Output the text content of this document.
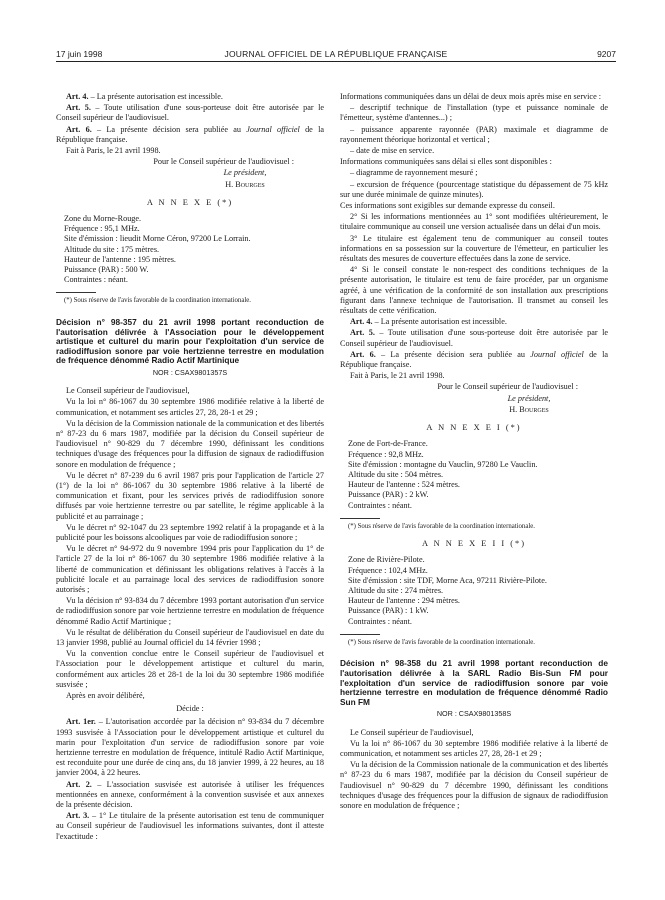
17 juin 1998	JOURNAL OFFICIEL DE LA RÉPUBLIQUE FRANÇAISE	9207

Art. 4. – La présente autorisation est incessible.

Art. 5. – Toute utilisation d'une sous-porteuse doit être autorisée par le Conseil supérieur de l'audiovisuel.

Art. 6. – La présente décision sera publiée au Journal officiel de la République française.

Fait à Paris, le 21 avril 1998.

Pour le Conseil supérieur de l'audiovisuel :

Le président,

H. Bourges

A N N E X E (*)

Zone du Morne-Rouge.

Fréquence : 95,1 MHz.

Site d'émission : lieudit Morne Céron, 97200 Le Lorrain.

Altitude du site : 175 mètres.

Hauteur de l'antenne : 195 mètres.

Puissance (PAR) : 500 W.

Contraintes : néant.

(*) Sous réserve de l'avis favorable de la coordination internationale.

Décision n° 98-357 du 21 avril 1998 portant reconduction de l'autorisation délivrée à l'Association pour le développement artistique et culturel du marin pour l'exploitation d'un service de radiodiffusion sonore par voie hertzienne terrestre en modulation de fréquence dénommé Radio Actif Martinique

NOR : CSAX9801357S

Le Conseil supérieur de l'audiovisuel,

Vu la loi n° 86-1067 du 30 septembre 1986 modifiée relative à la liberté de communication, et notamment ses articles 27, 28, 28-1 et 29 ;

Vu la décision de la Commission nationale de la communication et des libertés n° 87-23 du 6 mars 1987, modifiée par la décision du Conseil supérieur de l'audiovisuel n° 90-829 du 7 décembre 1990, définissant les conditions techniques d'usage des fréquences pour la diffusion de signaux de radiodiffusion sonore en modulation de fréquence ;

Vu le décret n° 87-239 du 6 avril 1987 pris pour l'application de l'article 27 (1°) de la loi n° 86-1067 du 30 septembre 1986 relative à la liberté de communication et fixant, pour les services privés de radiodiffusion sonore diffusés par voie hertzienne terrestre ou par satellite, le régime applicable à la publicité et au parrainage ;

Vu le décret n° 92-1047 du 23 septembre 1992 relatif à la propagande et à la publicité pour les boissons alcooliques par voie de radiodiffusion sonore ;

Vu le décret n° 94-972 du 9 novembre 1994 pris pour l'application du 1° de l'article 27 de la loi n° 86-1067 du 30 septembre 1986 modifiée relative à la liberté de communication et définissant les obligations relatives à l'accès à la publicité locale et au parrainage local des services de radiodiffusion sonore autorisés ;

Vu la décision n° 93-834 du 7 décembre 1993 portant autorisation d'un service de radiodiffusion sonore par voie hertzienne terrestre en modulation de fréquence dénommé Radio Actif Martinique ;

Vu le résultat de délibération du Conseil supérieur de l'audiovisuel en date du 13 janvier 1998, publié au Journal officiel du 14 février 1998 ;

Vu la convention conclue entre le Conseil supérieur de l'audiovisuel et l'Association pour le développement artistique et culturel du marin, conformément aux articles 28 et 28-1 de la loi du 30 septembre 1986 modifiée susvisée ;

Après en avoir délibéré,

Décide :

Art. 1er. – L'autorisation accordée par la décision n° 93-834 du 7 décembre 1993 susvisée à l'Association pour le développement artistique et culturel du marin pour l'exploitation d'un service de radiodiffusion sonore par voie hertzienne terrestre en modulation de fréquence, intitulé Radio Actif Martinique, est reconduite pour une durée de cinq ans, du 18 janvier 1999, à 22 heures, au 18 janvier 2004, à 22 heures.

Art. 2. – L'association susvisée est autorisée à utiliser les fréquences mentionnées en annexe, conformément à la convention susvisée et aux annexes de la présente décision.

Art. 3. – 1° Le titulaire de la présente autorisation est tenu de communiquer au Conseil supérieur de l'audiovisuel les informations suivantes, dont il atteste l'exactitude :

Informations communiquées dans un délai de deux mois après mise en service :

– descriptif technique de l'installation (type et puissance nominale de l'émetteur, système d'antennes...) ;

– puissance apparente rayonnée (PAR) maximale et diagramme de rayonnement théorique horizontal et vertical ;

– date de mise en service.

Informations communiquées sans délai si elles sont disponibles :

– diagramme de rayonnement mesuré ;

– excursion de fréquence (pourcentage statistique du dépassement de 75 kHz sur une durée minimale de quinze minutes).

Ces informations sont exigibles sur demande expresse du conseil.

2° Si les informations mentionnées au 1° sont modifiées ultérieurement, le titulaire communique au conseil une version actualisée dans un délai d'un mois.

3° Le titulaire est également tenu de communiquer au conseil toutes informations en sa possession sur la couverture de l'émetteur, en particulier les résultats des mesures de couverture effectuées dans la zone de service.

4° Si le conseil constate le non-respect des conditions techniques de la présente autorisation, le titulaire est tenu de faire procéder, par un organisme agréé, à une vérification de la conformité de son installation aux prescriptions figurant dans l'annexe technique de l'autorisation. Il transmet au conseil les résultats de cette vérification.

Art. 4. – La présente autorisation est incessible.

Art. 5. – Toute utilisation d'une sous-porteuse doit être autorisée par le Conseil supérieur de l'audiovisuel.

Art. 6. – La présente décision sera publiée au Journal officiel de la République française.

Fait à Paris, le 21 avril 1998.

Pour le Conseil supérieur de l'audiovisuel :

Le président,

H. Bourges

A N N E X E I (*)

Zone de Fort-de-France.

Fréquence : 92,8 MHz.

Site d'émission : montagne du Vauclin, 97280 Le Vauclin.

Altitude du site : 504 mètres.

Hauteur de l'antenne : 524 mètres.

Puissance (PAR) : 2 kW.

Contraintes : néant.

(*) Sous réserve de l'avis favorable de la coordination internationale.

A N N E X E I I (*)

Zone de Rivière-Pilote.

Fréquence : 102,4 MHz.

Site d'émission : site TDF, Morne Aca, 97211 Rivière-Pilote.

Altitude du site : 274 mètres.

Hauteur de l'antenne : 294 mètres.

Puissance (PAR) : 1 kW.

Contraintes : néant.

(*) Sous réserve de l'avis favorable de la coordination internationale.

Décision n° 98-358 du 21 avril 1998 portant reconduction de l'autorisation délivrée à la SARL Radio Bis-Sun FM pour l'exploitation d'un service de radiodiffusion sonore par voie hertzienne terrestre en modulation de fréquence dénommé Radio Sun FM

NOR : CSAX9801358S

Le Conseil supérieur de l'audiovisuel,

Vu la loi n° 86-1067 du 30 septembre 1986 modifiée relative à la liberté de communication, et notamment ses articles 27, 28, 28-1 et 29 ;

Vu la décision de la Commission nationale de la communication et des libertés n° 87-23 du 6 mars 1987, modifiée par la décision du Conseil supérieur de l'audiovisuel n° 90-829 du 7 décembre 1990, définissant les conditions techniques d'usage des fréquences pour la diffusion de signaux de radiodiffusion sonore en modulation de fréquence ;
